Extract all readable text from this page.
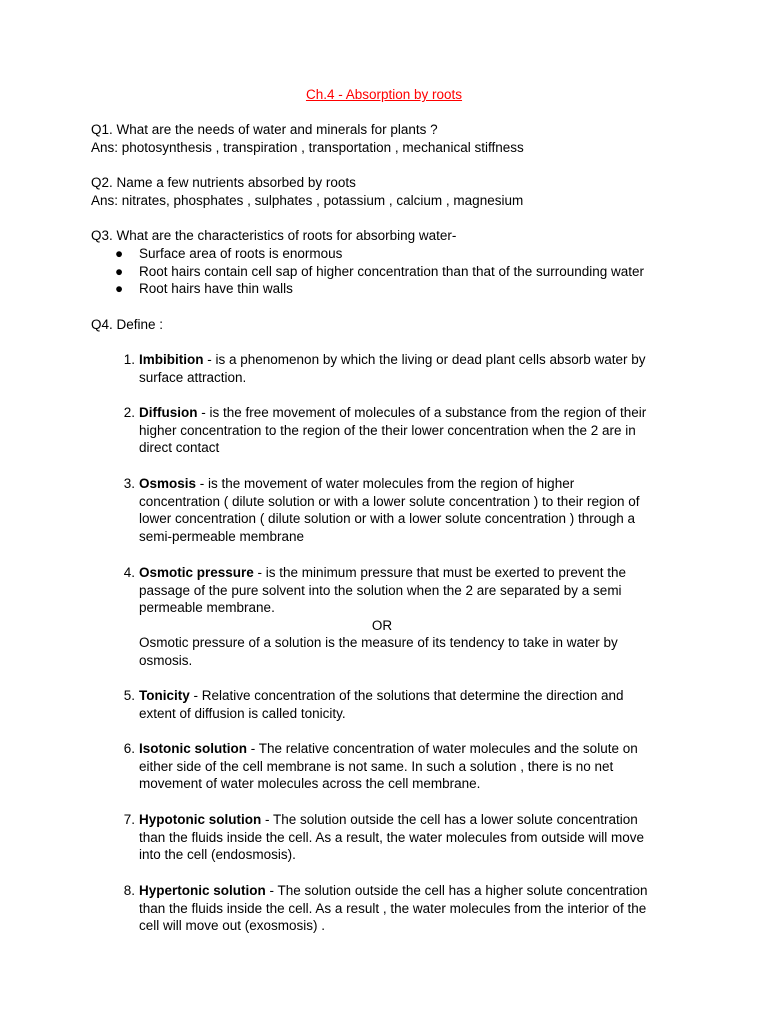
Ch.4 - Absorption by roots
Q1. What are the needs of water and minerals for plants ?
Ans: photosynthesis , transpiration , transportation , mechanical stiffness
Q2. Name a few nutrients absorbed by roots
Ans: nitrates, phosphates , sulphates , potassium , calcium , magnesium
Q3. What are the characteristics of roots for absorbing water-
● Surface area of roots is enormous
● Root hairs contain cell sap of higher concentration than that of the surrounding water
● Root hairs have thin walls
Q4. Define :
1. Imbibition - is a phenomenon by which the living or dead plant cells absorb water by
surface attraction.
2. Diffusion - is the free movement of molecules of a substance from the region of their
higher concentration to the region of the their lower concentration when the 2 are in
direct contact
3. Osmosis - is the movement of water molecules from the region of higher
concentration ( dilute solution or with a lower solute concentration ) to their region of
lower concentration ( dilute solution or with a lower solute concentration ) through a
semi-permeable membrane
4. Osmotic pressure - is the minimum pressure that must be exerted to prevent the
passage of the pure solvent into the solution when the 2 are separated by a semi
permeable membrane.
OR
Osmotic pressure of a solution is the measure of its tendency to take in water by
osmosis.
5. Tonicity - Relative concentration of the solutions that determine the direction and
extent of diffusion is called tonicity.
6. Isotonic solution - The relative concentration of water molecules and the solute on
either side of the cell membrane is not same. In such a solution , there is no net
movement of water molecules across the cell membrane.
7. Hypotonic solution - The solution outside the cell has a lower solute concentration
than the fluids inside the cell. As a result, the water molecules from outside will move
into the cell (endosmosis).
8. Hypertonic solution - The solution outside the cell has a higher solute concentration
than the fluids inside the cell. As a result , the water molecules from the interior of the
cell will move out (exosmosis) .
